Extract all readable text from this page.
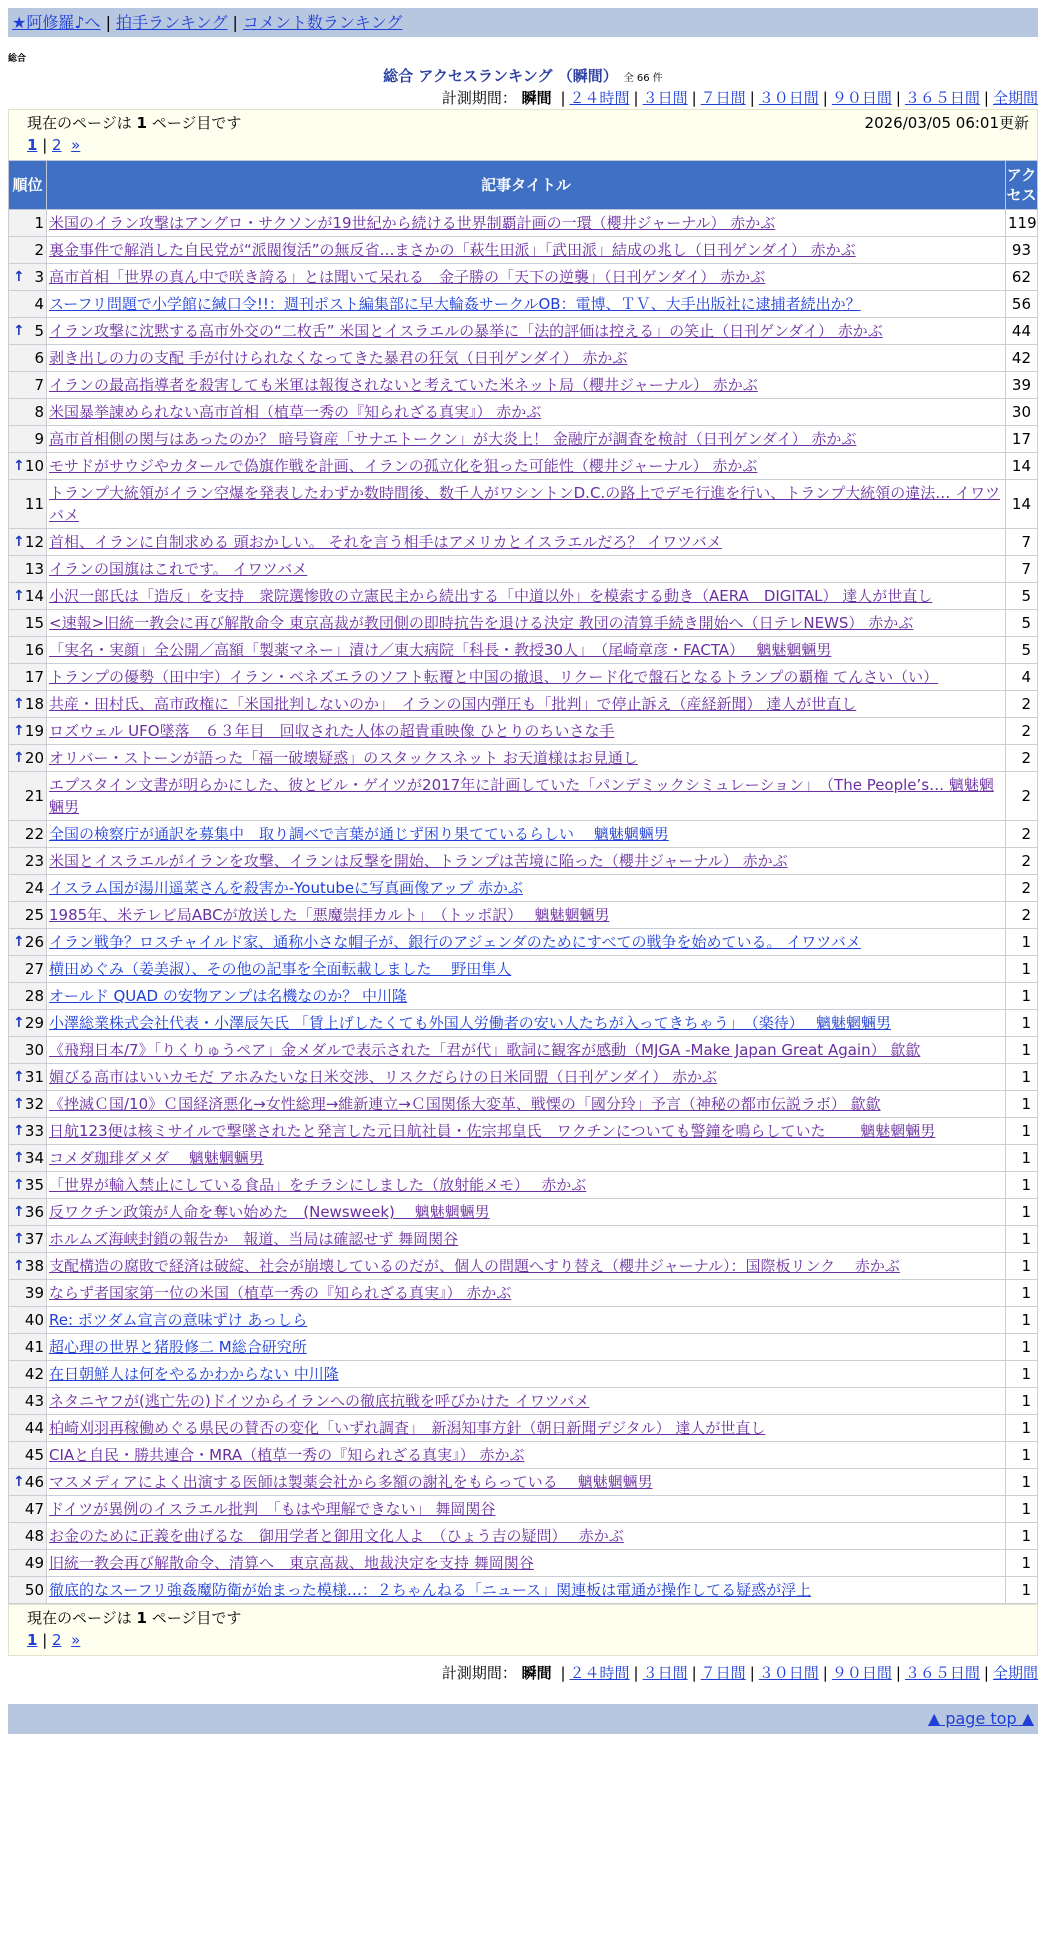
★阿修羅♪へ | 拍手ランキング | コメント数ランキング
総合
総合 アクセスランキング （瞬間） 全 66 件
計測期間： 瞬間 | ２４時間 | ３日間 | ７日間 | ３０日間 | ９０日間 | ３６５日間 | 全期間
現在のページは 1 ページ目です	2026/03/05 06:01更新
1 | 2 »
順位	記事タイトル	アクセス
1	米国のイラン攻撃はアングロ・サクソンが19世紀から続ける世界制覇計画の一環（櫻井ジャーナル） 赤かぶ	119
2	裏金事件で解消した自民党が“派閥復活”の無反省…まさかの「萩生田派」「武田派」結成の兆し（日刊ゲンダイ） 赤かぶ	93

↑ 3	高市首相「世界の真ん中で咲き誇る」とは聞いて呆れる　金子勝の「天下の逆襲」（日刊ゲンダイ） 赤かぶ	62
4	スーフリ問題で小学館に緘口令!!：週刊ポスト編集部に早大輪姦サークルOB：電博、ＴＶ、大手出版社に逮捕者続出か？	56

↑ 5	イラン攻撃に沈黙する高市外交の“二枚舌” 米国とイスラエルの暴挙に「法的評価は控える」の笑止（日刊ゲンダイ） 赤かぶ	44
6	剥き出しの力の支配 手が付けられなくなってきた暴君の狂気（日刊ゲンダイ） 赤かぶ	42
7	イランの最高指導者を殺害しても米軍は報復されないと考えていた米ネット局（櫻井ジャーナル） 赤かぶ	39
8	米国暴挙諌められない高市首相（植草一秀の『知られざる真実』） 赤かぶ	30
9	高市首相側の関与はあったのか？ 暗号資産「サナエトークン」が大炎上！ 金融庁が調査を検討（日刊ゲンダイ） 赤かぶ	17

↑ 10	モサドがサウジやカタールで偽旗作戦を計画、イランの孤立化を狙った可能性（櫻井ジャーナル） 赤かぶ	14
11	トランプ大統領がイラン空爆を発表したわずか数時間後、数千人がワシントンD.C.の路上でデモ行進を行い、トランプ大統領の違法… イワツバメ	14

↑ 12	首相、イランに自制求める 頭おかしい。 それを言う相手はアメリカとイスラエルだろ？ イワツバメ	7
13	イランの国旗はこれです。 イワツバメ	7

↑ 14	小沢一郎氏は「造反」を支持　衆院選惨敗の立憲民主から続出する「中道以外」を模索する動き（AERA　DIGITAL） 達人が世直し	5
15	<速報>旧統一教会に再び解散命令 東京高裁が教団側の即時抗告を退ける決定 教団の清算手続き開始へ（日テレNEWS） 赤かぶ	5
16	「実名・実顔」全公開／高額「製薬マネー」漬け／東大病院「科長・教授30人」　（尾崎章彦・FACTA）　 魑魅魍魎男	5
17	トランプの優勢（田中宇）イラン・ベネズエラのソフト転覆と中国の撤退、リクード化で盤石となるトランプの覇権 てんさい（い）	4

↑ 18	共産・田村氏、高市政権に「米国批判しないのか」　イランの国内弾圧も「批判」で停止訴え（産経新聞） 達人が世直し	2

↑ 19	ロズウェル UFO墜落　６３年目　回収された人体の超貴重映像 ひとりのちいさな手	2

↑ 20	オリバー・ストーンが語った「福一破壊疑惑」のスタックスネット お天道様はお見通し	2
21	エプスタイン文書が明らかにした、彼とビル・ゲイツが2017年に計画していた「パンデミックシミュレーション」　（The People’s… 魑魅魍魎男	2
22	全国の検察庁が通訳を募集中　取り調べで言葉が通じず困り果てているらしい　 魑魅魍魎男	2
23	米国とイスラエルがイランを攻撃、イランは反撃を開始、トランプは苦境に陥った（櫻井ジャーナル） 赤かぶ	2
24	イスラム国が湯川遥菜さんを殺害か-Youtubeに写真画像アップ 赤かぶ	2
25	1985年、米テレビ局ABCが放送した「悪魔崇拝カルト」　（トッポ訳）　 魑魅魍魎男	2

↑ 26	イラン戦争？ロスチャイルド家、通称小さな帽子が、銀行のアジェンダのためにすべての戦争を始めている。 イワツバメ	1
27	横田めぐみ（姜美淑）、その他の記事を全面転載しました　 野田隼人	1
28	オールド QUAD の安物アンプは名機なのか？ 中川隆	1

↑ 29	小澤総業株式会社代表・小澤辰矢氏 「賃上げしたくても外国人労働者の安い人たちが入ってきちゃう」　（楽待）　 魑魅魍魎男	1
30	《飛翔日本/7》「りくりゅうペア」金メダルで表示された「君が代」歌詞に観客が感動（MJGA -Make Japan Great Again） 歙歙	1

↑ 31	媚びる高市はいいカモだ アホみたいな日米交渉、リスクだらけの日米同盟（日刊ゲンダイ） 赤かぶ	1

↑ 32	《挫滅Ｃ国/10》Ｃ国経済悪化→女性総理→維新連立→Ｃ国関係大変革、戦慄の「國分玲」予言（神秘の都市伝説ラボ） 歙歙	1

↑ 33	日航123便は核ミサイルで撃墜されたと発言した元日航社員・佐宗邦皇氏　ワクチンについても警鐘を鳴らしていた　　 魑魅魍魎男	1

↑ 34	コメダ珈琲ダメダ　 魑魅魍魎男	1

↑ 35	「世界が輸入禁止にしている食品」をチラシにしました（放射能メモ）　 赤かぶ	1

↑ 36	反ワクチン政策が人命を奪い始めた　(Newsweek)　 魑魅魍魎男	1

↑ 37	ホルムズ海峡封鎖の報告か　報道、当局は確認せず 舞岡関谷	1

↑ 38	支配構造の腐敗で経済は破綻、社会が崩壊しているのだが、個人の問題へすり替え（櫻井ジャーナル）：国際板リンク　 赤かぶ	1
39	ならず者国家第一位の米国（植草一秀の『知られざる真実』） 赤かぶ	1
40	Re: ポツダム宣言の意味ずけ あっしら	1
41	超心理の世界と猪股修二 M総合研究所	1
42	在日朝鮮人は何をやるかわからない 中川隆	1
43	ネタニヤフが(逃亡先の)ドイツからイランへの徹底抗戦を呼びかけた イワツバメ	1
44	柏崎刈羽再稼働めぐる県民の賛否の変化「いずれ調査」　新潟知事方針（朝日新聞デジタル） 達人が世直し	1
45	CIAと自民・勝共連合・MRA（植草一秀の『知られざる真実』） 赤かぶ	1

↑ 46	マスメディアによく出演する医師は製薬会社から多額の謝礼をもらっている　 魑魅魍魎男	1
47	ドイツが異例のイスラエル批判　「もはや理解できない」 舞岡関谷	1
48	お金のために正義を曲げるな　御用学者と御用文化人よ　（ひょう吉の疑問）　 赤かぶ	1
49	旧統一教会再び解散命令、清算へ　東京高裁、地裁決定を支持 舞岡関谷	1
50	徹底的なスーフリ強姦魔防衛が始まった模様…：２ちゃんねる「ニュース」関連板は電通が操作してる疑惑が浮上	1
現在のページは 1 ページ目です
1 | 2 »
計測期間： 瞬間 | ２４時間 | ３日間 | ７日間 | ３０日間 | ９０日間 | ３６５日間 | 全期間
▲ page top ▲
